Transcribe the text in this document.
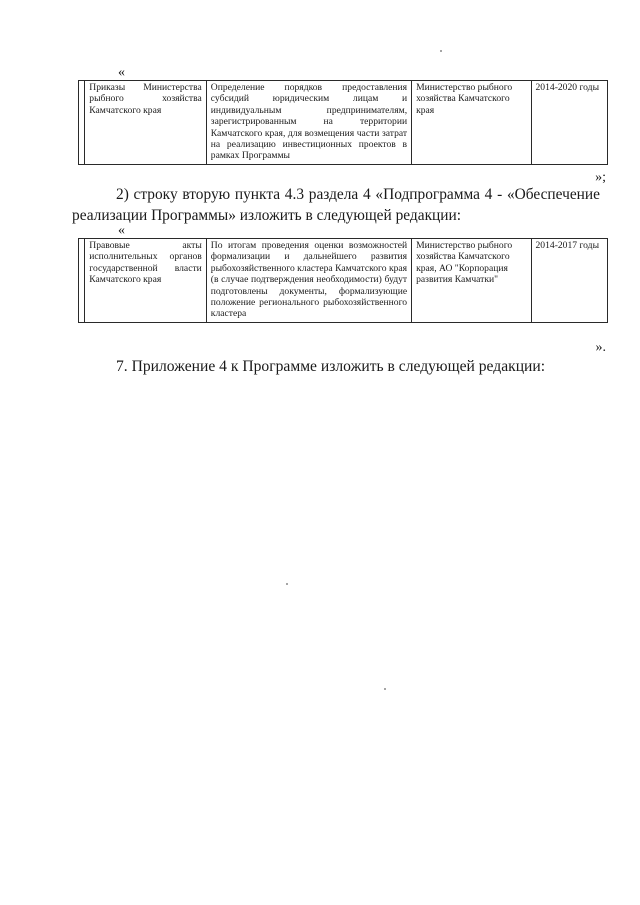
«
	Приказы Министерства рыбного хозяйства Камчатского края	Определение порядков предоставления субсидий юридическим лицам и индивидуальным предпринимателям, зарегистрированным на территории Камчатского края, для возмещения части затрат на реализацию инвестиционных проектов в рамках Программы	Министерство рыбного хозяйства Камчатского края	2014-2020 годы
»;
2) строку вторую пункта 4.3 раздела 4 «Подпрограмма 4 - «Обеспечение реализации Программы» изложить в следующей редакции:
«
	Правовые акты исполнительных органов государственной власти Камчатского края	По итогам проведения оценки возможностей формализации и дальнейшего развития рыбохозяйственного кластера Камчатского края (в случае подтверждения необходимости) будут подготовлены документы, формализующие положение регионального рыбохозяйственного кластера	Министерство рыбного хозяйства Камчатского края, АО "Корпорация развития Камчатки"	2014-2017 годы
».
7. Приложение 4 к Программе изложить в следующей редакции:
